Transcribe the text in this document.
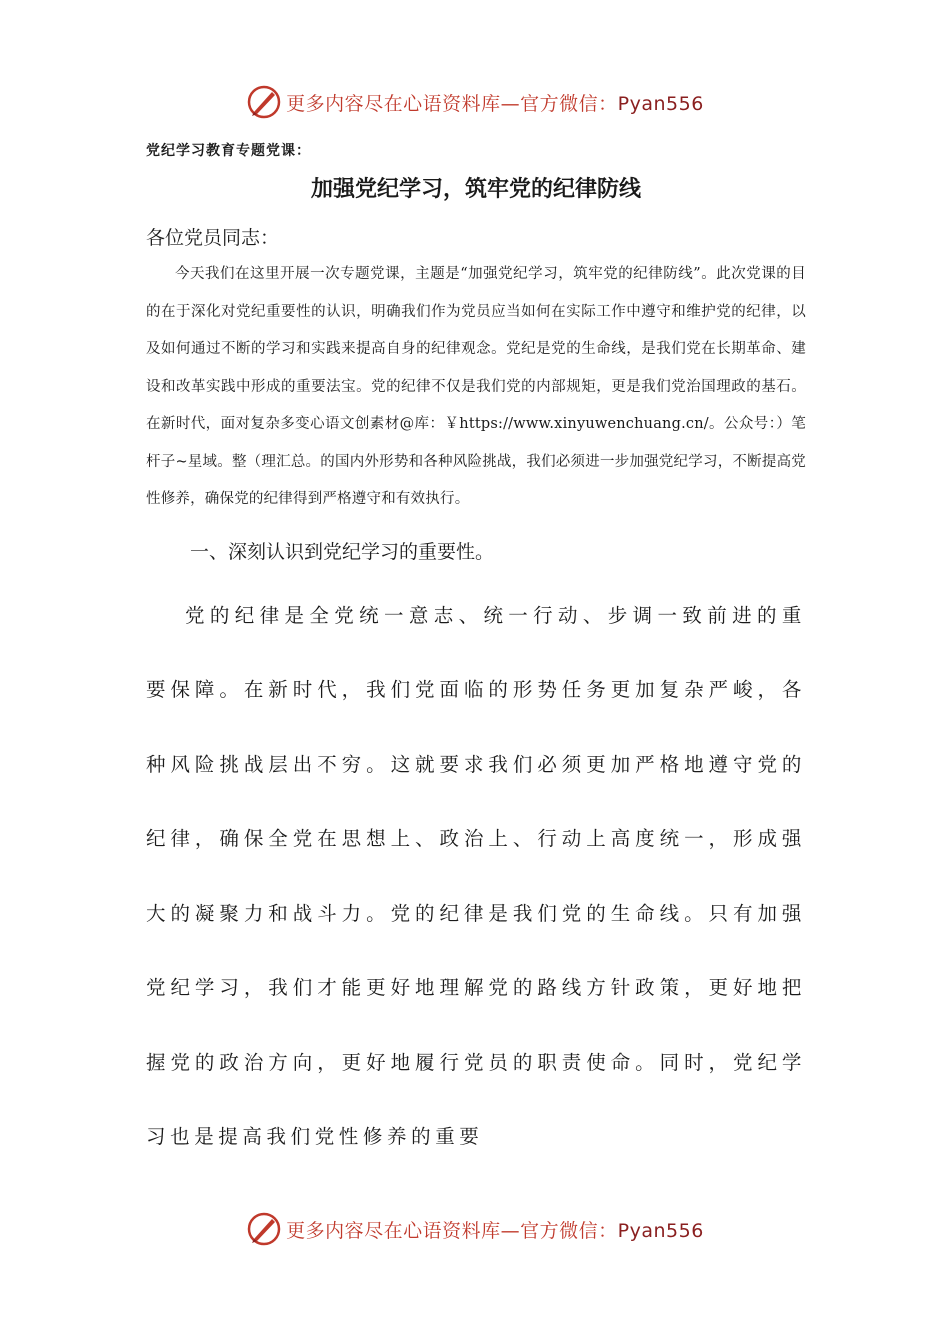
更多内容尽在心语资料库—官方微信：Pyan556
党纪学习教育专题党课：
加强党纪学习，筑牢党的纪律防线
各位党员同志：

今天我们在这里开展一次专题党课，主题是“加强党纪学习，筑牢党的纪律防线”。此次党课的目的在于深化对党纪重要性的认识，明确我们作为党员应当如何在实际工作中遵守和维护党的纪律，以及如何通过不断的学习和实践来提高自身的纪律观念。党纪是党的生命线，是我们党在长期革命、建设和改革实践中形成的重要法宝。党的纪律不仅是我们党的内部规矩，更是我们党治国理政的基石。在新时代，面对复杂多变心语文创素材@库：￥https://www.xinyuwenchuang.cn/。公众号：）笔杆子~星域。整（理汇总。的国内外形势和各种风险挑战，我们必须进一步加强党纪学习，不断提高党性修养，确保党的纪律得到严格遵守和有效执行。

一、深刻认识到党纪学习的重要性。

党的纪律是全党统一意志、统一行动、步调一致前进的重要保障。在新时代，我们党面临的形势任务更加复杂严峻，各种风险挑战层出不穷。这就要求我们必须更加严格地遵守党的纪律，确保全党在思想上、政治上、行动上高度统一，形成强大的凝聚力和战斗力。党的纪律是我们党的生命线。只有加强党纪学习，我们才能更好地理解党的路线方针政策，更好地把握党的政治方向，更好地履行党员的职责使命。同时，党纪学习也是提高我们党性修养的重要

更多内容尽在心语资料库—官方微信：Pyan556
